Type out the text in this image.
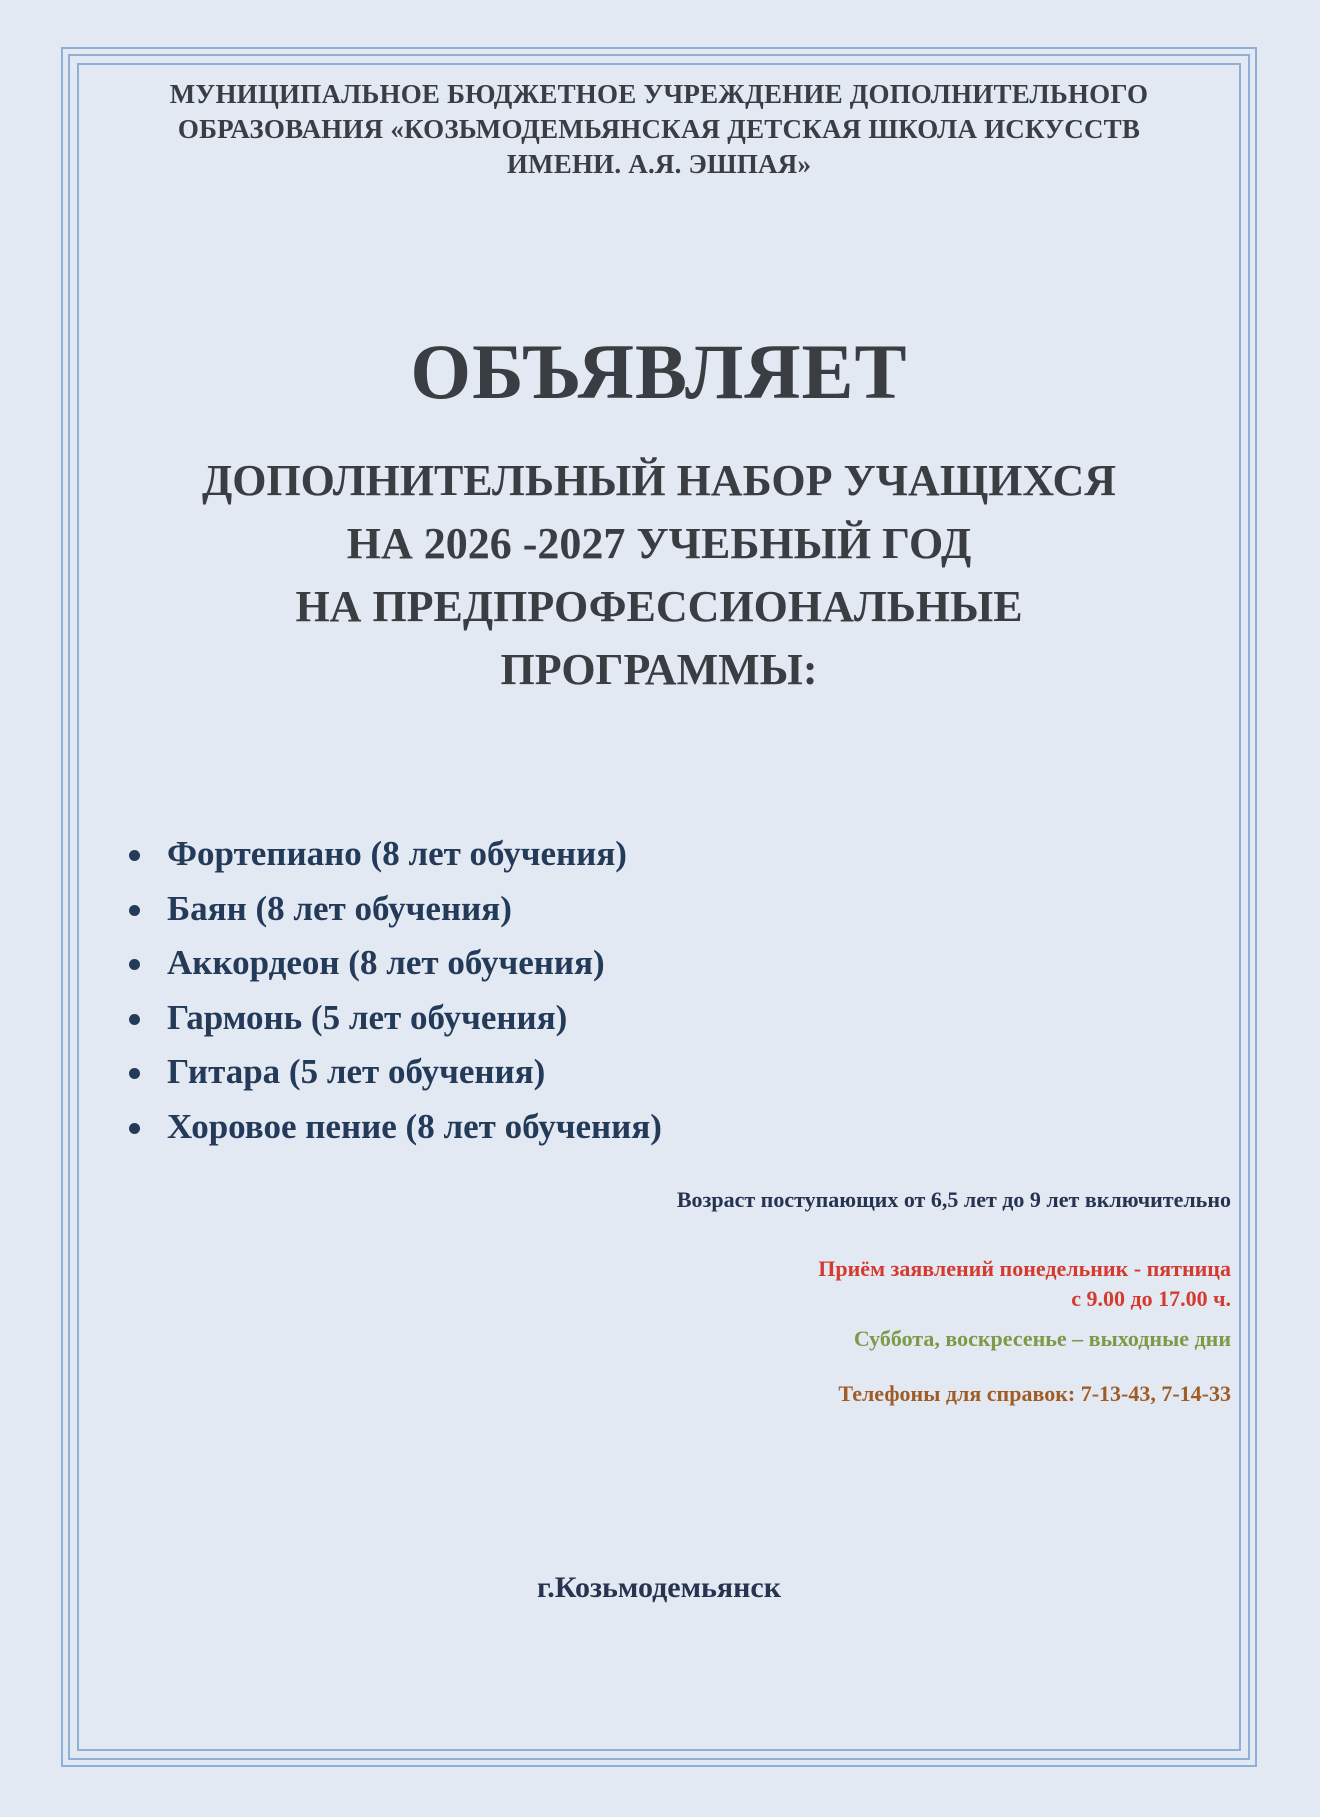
МУНИЦИПАЛЬНОЕ БЮДЖЕТНОЕ УЧРЕЖДЕНИЕ ДОПОЛНИТЕЛЬНОГО
ОБРАЗОВАНИЯ «КОЗЬМОДЕМЬЯНСКАЯ ДЕТСКАЯ ШКОЛА ИСКУССТВ
ИМЕНИ. А.Я. ЭШПАЯ»
ОБЪЯВЛЯЕТ
ДОПОЛНИТЕЛЬНЫЙ НАБОР УЧАЩИХСЯ
НА 2026 -2027 УЧЕБНЫЙ ГОД
НА ПРЕДПРОФЕССИОНАЛЬНЫЕ
ПРОГРАММЫ:
Фортепиано (8 лет обучения)
Баян (8 лет обучения)
Аккордеон (8 лет обучения)
Гармонь (5 лет обучения)
Гитара (5 лет обучения)
Хоровое пение (8 лет обучения)
Возраст поступающих от 6,5 лет до 9 лет включительно
Приём заявлений понедельник - пятница
с 9.00 до 17.00 ч.
Суббота, воскресенье – выходные дни
Телефоны для справок: 7-13-43, 7-14-33
г.Козьмодемьянск
